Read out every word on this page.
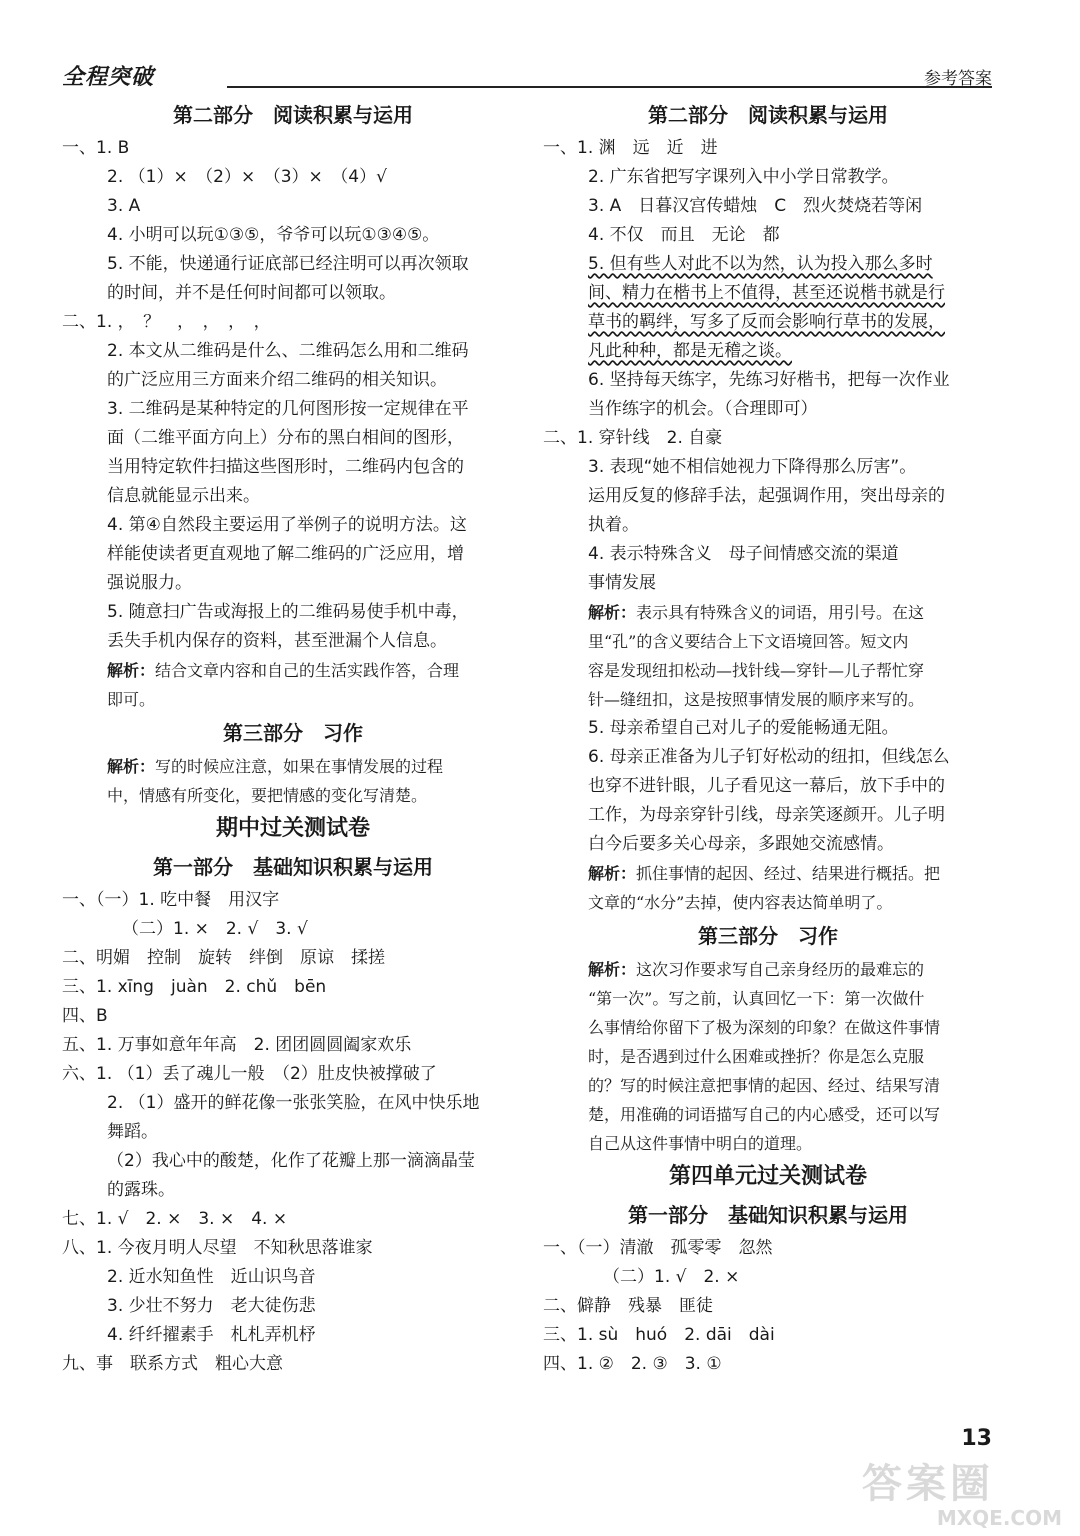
全程突破	参考答案
第二部分　阅读积累与运用
一、1. B
2. （1）×　（2）×　（3）×　（4）√
3. A
4. 小明可以玩①③⑤，爷爷可以玩①③④⑤。
5. 不能，快递通行证底部已经注明可以再次领取
的时间，并不是任何时间都可以领取。
二、1. ，　？　，　，　，　，
2. 本文从二维码是什么、二维码怎么用和二维码
的广泛应用三方面来介绍二维码的相关知识。
3. 二维码是某种特定的几何图形按一定规律在平
面（二维平面方向上）分布的黑白相间的图形，
当用特定软件扫描这些图形时，二维码内包含的
信息就能显示出来。
4. 第④自然段主要运用了举例子的说明方法。这
样能使读者更直观地了解二维码的广泛应用，增
强说服力。
5. 随意扫广告或海报上的二维码易使手机中毒，
丢失手机内保存的资料，甚至泄漏个人信息。
解析：结合文章内容和自己的生活实践作答，合理
即可。
第三部分　习作
解析：写的时候应注意，如果在事情发展的过程
中，情感有所变化，要把情感的变化写清楚。
期中过关测试卷
第一部分　基础知识积累与运用
一、（一）1. 吃中餐　用汉字
（二）1. ×　2. √　3. √
二、明媚　控制　旋转　绊倒　原谅　揉搓
三、1. xīng　juàn　2. chǔ　bēn
四、B
五、1. 万事如意年年高　2. 团团圆圆阖家欢乐
六、1. （1）丢了魂儿一般　（2）肚皮快被撑破了
2. （1）盛开的鲜花像一张张笑脸，在风中快乐地
舞蹈。
（2）我心中的酸楚，化作了花瓣上那一滴滴晶莹
的露珠。
七、1. √　2. ×　3. ×　4. ×
八、1. 今夜月明人尽望　不知秋思落谁家
2. 近水知鱼性　近山识鸟音
3. 少壮不努力　老大徒伤悲
4. 纤纤擢素手　札札弄机杼
九、事　联系方式　粗心大意
第二部分　阅读积累与运用
一、1. 渊　远　近　进
2. 广东省把写字课列入中小学日常教学。
3. A　日暮汉宫传蜡烛　C　烈火焚烧若等闲
4. 不仅　而且　无论　都
5. 但有些人对此不以为然，认为投入那么多时
间、精力在楷书上不值得，甚至还说楷书就是行
草书的羁绊，写多了反而会影响行草书的发展，
凡此种种，都是无稽之谈。
6. 坚持每天练字，先练习好楷书，把每一次作业
当作练字的机会。（合理即可）
二、1. 穿针线　2. 自豪
3. 表现“她不相信她视力下降得那么厉害”。
运用反复的修辞手法，起强调作用，突出母亲的
执着。
4. 表示特殊含义　母子间情感交流的渠道
事情发展
解析：表示具有特殊含义的词语，用引号。在这
里“孔”的含义要结合上下文语境回答。短文内
容是发现纽扣松动—找针线—穿针—儿子帮忙穿
针—缝纽扣，这是按照事情发展的顺序来写的。
5. 母亲希望自己对儿子的爱能畅通无阻。
6. 母亲正准备为儿子钉好松动的纽扣，但线怎么
也穿不进针眼，儿子看见这一幕后，放下手中的
工作，为母亲穿针引线，母亲笑逐颜开。儿子明
白今后要多关心母亲，多跟她交流感情。
解析：抓住事情的起因、经过、结果进行概括。把
文章的“水分”去掉，使内容表达简单明了。
第三部分　习作
解析：这次习作要求写自己亲身经历的最难忘的
“第一次”。写之前，认真回忆一下：第一次做什
么事情给你留下了极为深刻的印象？在做这件事情
时，是否遇到过什么困难或挫折？你是怎么克服
的？写的时候注意把事情的起因、经过、结果写清
楚，用准确的词语描写自己的内心感受，还可以写
自己从这件事情中明白的道理。
第四单元过关测试卷
第一部分　基础知识积累与运用
一、（一）清澈　孤零零　忽然
（二）1. √　2. ×
二、僻静　残暴　匪徒
三、1. sù　huó　2. dāi　dài
四、1. ②　2. ③　3. ①
13
答案圈
MXQE.COM
